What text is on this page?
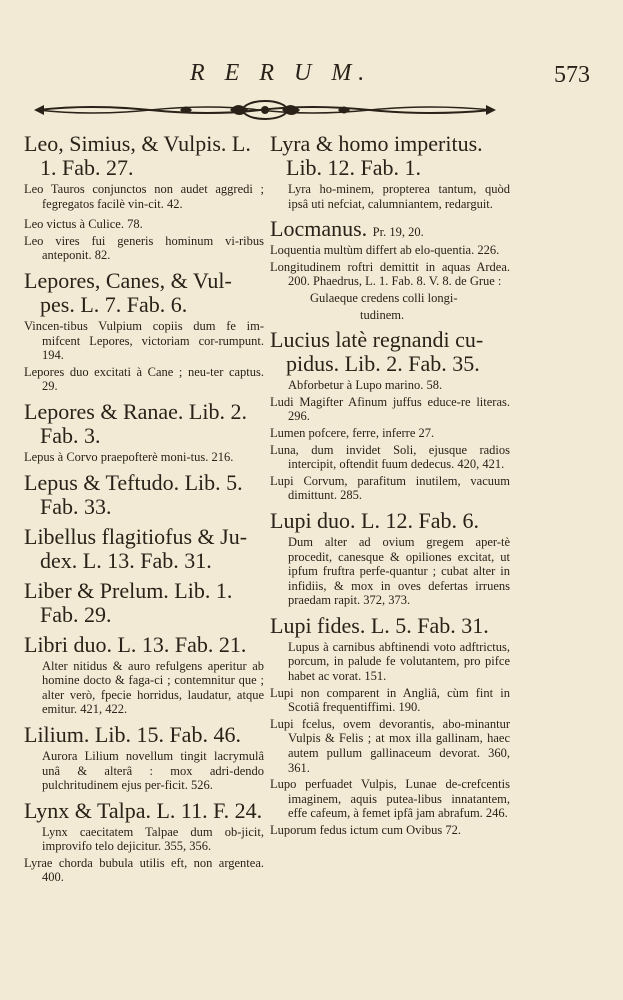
R E R U M.	573

Leo, Simius, & Vulpis. L. 1. Fab. 27.

Leo Tauros conjunctos non audet aggredi ; fegregatos facilè vin-cit. 42.

Leo victus à Culice. 78.

Leo vires fui generis hominum vi-ribus anteponit. 82.

Lepores, Canes, & Vul-pes. L. 7. Fab. 6.

Vincen-tibus Vulpium copiis dum fe im-mifcent Lepores, victoriam cor-rumpunt. 194.

Lepores duo excitati à Cane ; neu-ter captus. 29.

Lepores & Ranae. Lib. 2. Fab. 3.

Lepus à Corvo praepofterè moni-tus. 216.

Lepus & Teftudo. Lib. 5. Fab. 33.

Libellus flagitiofus & Ju-dex. L. 13. Fab. 31.

Liber & Prelum. Lib. 1. Fab. 29.

Libri duo. L. 13. Fab. 21.

Alter nitidus & auro refulgens aperitur ab homine docto & faga-ci ; contemnitur que ; alter verò, fpecie horridus, laudatur, atque emitur. 421, 422.

Lilium. Lib. 15. Fab. 46.

Aurora Lilium novellum tingit lacrymulâ unâ & alterâ : mox adri-dendo pulchritudinem ejus per-ficit. 526.

Lynx & Talpa. L. 11. F. 24.

Lynx caecitatem Talpae dum ob-jicit, improvifo telo dejicitur. 355, 356.

Lyrae chorda bubula utilis eft, non argentea. 400.

Lyra & homo imperitus. Lib. 12. Fab. 1.

Lyra ho-minem, propterea tantum, quòd ipsâ uti nefciat, calumniantem, redarguit.

Locmanus. Pr. 19, 20.

Loquentia multùm differt ab elo-quentia. 226.

Longitudinem roftri demittit in aquas Ardea. 200. Phaedrus, L. 1. Fab. 8. V. 8. de Grue :

Gulaeque credens colli longi-

tudinem.

Lucius latè regnandi cu-pidus. Lib. 2. Fab. 35.

Abforbetur à Lupo marino. 58.

Ludi Magifter Afinum juffus educe-re literas. 296.

Lumen pofcere, ferre, inferre 27.

Luna, dum invidet Soli, ejusque radios intercipit, oftendit fuum dedecus. 420, 421.

Lupi Corvum, parafitum inutilem, vacuum dimittunt. 285.

Lupi duo. L. 12. Fab. 6.

Dum alter ad ovium gregem aper-tè procedit, canesque & opiliones excitat, ut ipfum fruftra perfe-quantur ; cubat alter in infidiis, & mox in oves defertas irruens praedam rapit. 372, 373.

Lupi fides. L. 5. Fab. 31.

Lupus à carnibus abftinendi voto adftrictus, porcum, in palude fe volutantem, pro pifce habet ac vorat. 151.

Lupi non comparent in Angliâ, cùm fint in Scotiâ frequentiffimi. 190.

Lupi fcelus, ovem devorantis, abo-minantur Vulpis & Felis ; at mox illa gallinam, haec autem pullum gallinaceum devorat. 360, 361.

Lupo perfuadet Vulpis, Lunae de-crefcentis imaginem, aquis putea-libus innatantem, effe cafeum, à femet ipfâ jam abrafum. 246.

Luporum fedus ictum cum Ovibus 72.
